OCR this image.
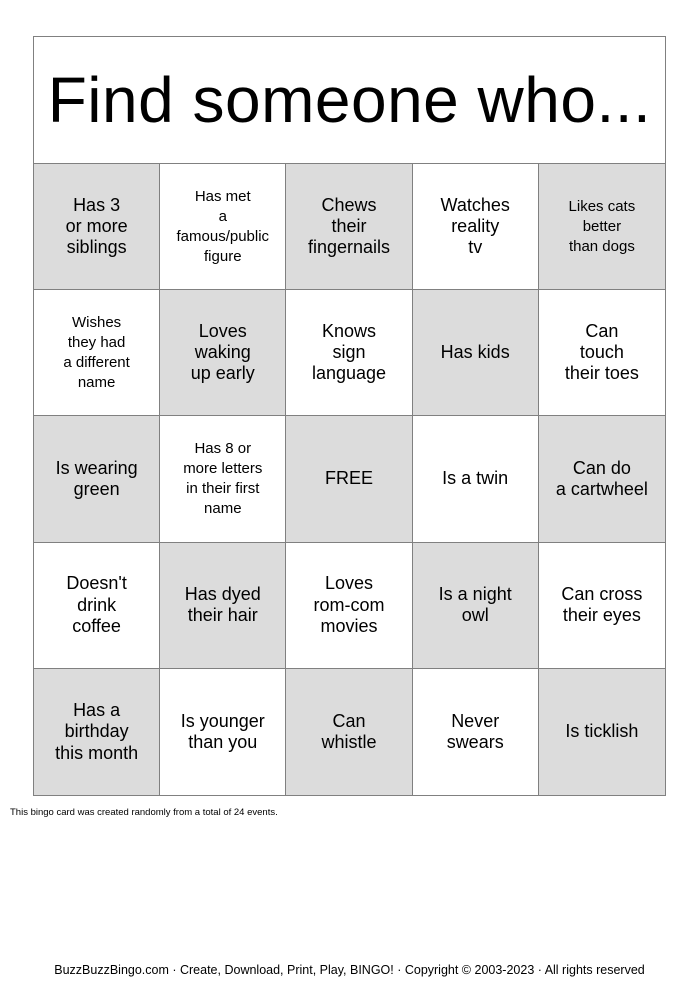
Find someone who...
Has 3
or more
siblings
Has met
a
famous/public
figure
Chews
their
fingernails
Watches
reality
tv
Likes cats
better
than dogs
Wishes
they had
a different
name
Loves
waking
up early
Knows
sign
language
Has kids
Can
touch
their toes
Is wearing
green
Has 8 or
more letters
in their first
name
FREE	Is a twin
Can do
a cartwheel
Doesn't
drink
coffee
Has dyed
their hair
Loves
rom-com
movies
Is a night
owl
Can cross
their eyes
Has a
birthday
this month
Is younger
than you
Can
whistle
Never
swears
Is ticklish
This bingo card was created randomly from a total of 24 events.
BuzzBuzzBingo.com · Create, Download, Print, Play, BINGO! · Copyright © 2003-2023 · All rights reserved
